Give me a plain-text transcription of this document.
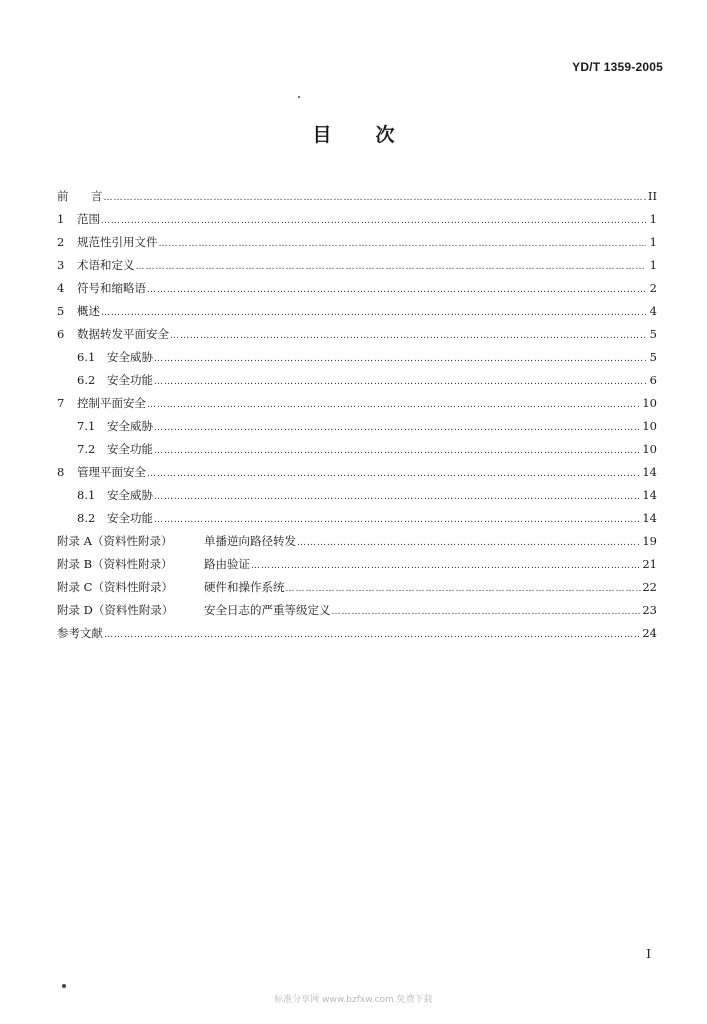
YD/T 1359-2005
目 次
前	言 …………………………………………………………………………………………………………………………………………………………………………………………………………………………………………………	II
1	范围 …………………………………………………………………………………………………………………………………………………………………………………………………………………………………………………	1
2	规范性引用文件 …………………………………………………………………………………………………………………………………………………………………………………………………………………………………………………	1
3	术语和定义 …………………………………………………………………………………………………………………………………………………………………………………………………………………………………………………	1
4	符号和缩略语 …………………………………………………………………………………………………………………………………………………………………………………………………………………………………………………	2
5	概述 …………………………………………………………………………………………………………………………………………………………………………………………………………………………………………………	4
6	数据转发平面安全 …………………………………………………………………………………………………………………………………………………………………………………………………………………………………………………	5
6.1	安全威胁 …………………………………………………………………………………………………………………………………………………………………………………………………………………………………………………	5
6.2	安全功能 …………………………………………………………………………………………………………………………………………………………………………………………………………………………………………………	6
7	控制平面安全 …………………………………………………………………………………………………………………………………………………………………………………………………………………………………………………	10
7.1	安全威胁 …………………………………………………………………………………………………………………………………………………………………………………………………………………………………………………	10
7.2	安全功能 …………………………………………………………………………………………………………………………………………………………………………………………………………………………………………………	10
8	管理平面安全 …………………………………………………………………………………………………………………………………………………………………………………………………………………………………………………	14
8.1	安全威胁 …………………………………………………………………………………………………………………………………………………………………………………………………………………………………………………	14
8.2	安全功能 …………………………………………………………………………………………………………………………………………………………………………………………………………………………………………………	14
附录 A（资料性附录）	单播逆向路径转发 …………………………………………………………………………………………………………………………………………………………………………………………………………………………………………………	19
附录 B（资料性附录）	路由验证 …………………………………………………………………………………………………………………………………………………………………………………………………………………………………………………	21
附录 C（资料性附录）	硬件和操作系统 …………………………………………………………………………………………………………………………………………………………………………………………………………………………………………………	22
附录 D（资料性附录）	安全日志的严重等级定义 …………………………………………………………………………………………………………………………………………………………………………………………………………………………………………………	23
参考文献 …………………………………………………………………………………………………………………………………………………………………………………………………………………………………………………	24
I
标准分享网 www.bzfxw.com 免费下载
